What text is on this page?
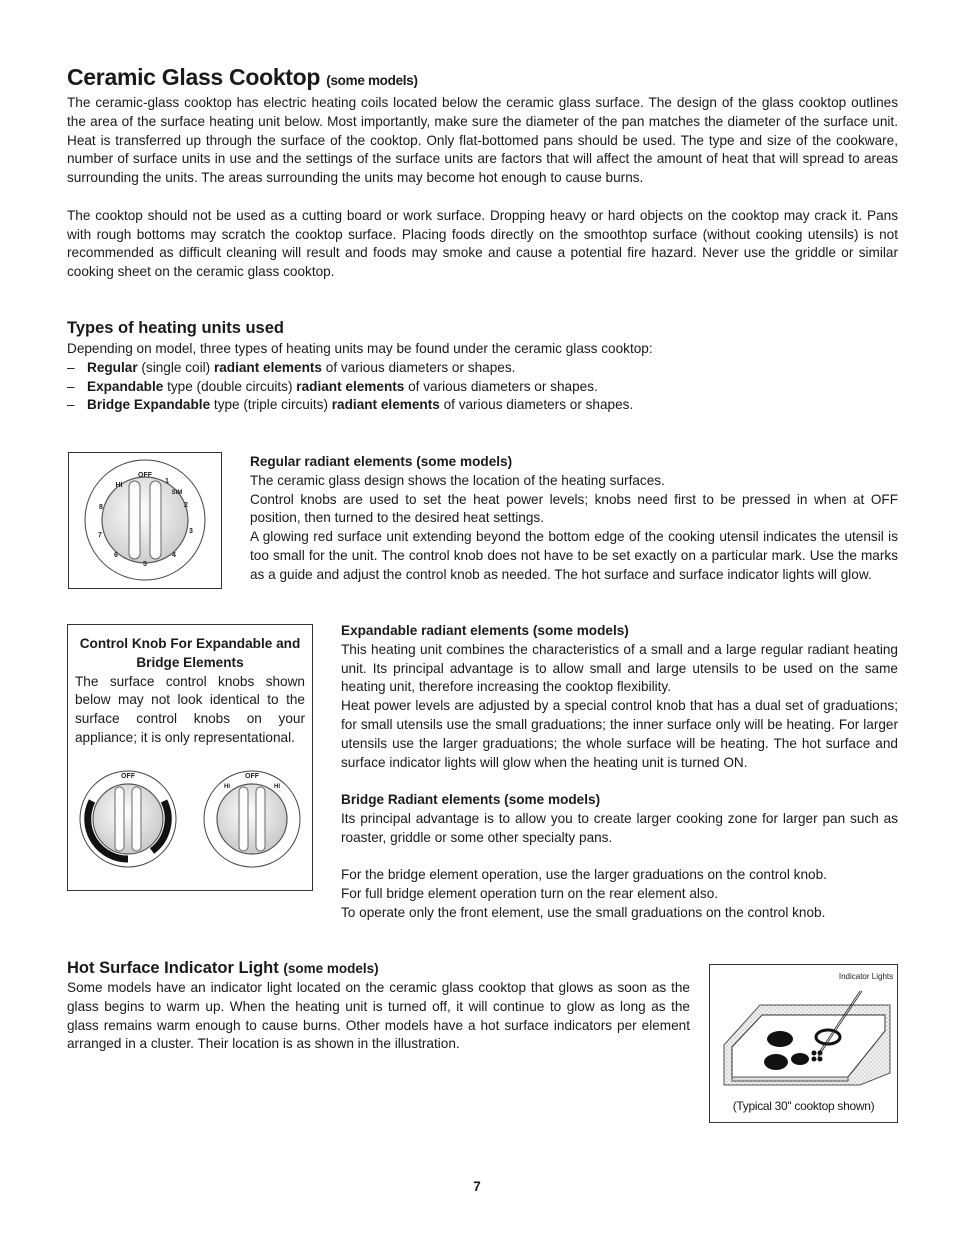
Ceramic Glass Cooktop (some models)

The ceramic-glass cooktop has electric heating coils located below the ceramic glass surface. The design of the glass cooktop outlines the area of the surface heating unit below. Most importantly, make sure the diameter of the pan matches the diameter of the surface unit. Heat is transferred up through the surface of the cooktop. Only flat-bottomed pans should be used. The type and size of the cookware, number of surface units in use and the settings of the surface units are factors that will affect the amount of heat that will spread to areas surrounding the units. The areas surrounding the units may become hot enough to cause burns.

The cooktop should not be used as a cutting board or work surface. Dropping heavy or hard objects on the cooktop may crack it. Pans with rough bottoms may scratch the cooktop surface. Placing foods directly on the smoothtop surface (without cooking utensils) is not recommended as difficult cleaning will result and foods may smoke and cause a potential fire hazard. Never use the griddle or similar cooking sheet on the ceramic glass cooktop.

Types of heating units used

Depending on model, three types of heating units may be found under the ceramic glass cooktop:

– Regular (single coil) radiant elements of various diameters or shapes.
– Expandable type (double circuits) radiant elements of various diameters or shapes.
– Bridge Expandable type (triple circuits) radiant elements of various diameters or shapes.
OFF
1
SIM
2
3
4
5
6
7
8
HI
Regular radiant elements (some models)

The ceramic glass design shows the location of the heating surfaces.

Control knobs are used to set the heat power levels; knobs need first to be pressed in when at OFF position, then turned to the desired heat settings.

A glowing red surface unit extending beyond the bottom edge of the cooking utensil indicates the utensil is too small for the unit. The control knob does not have to be set exactly on a particular mark. Use the marks as a guide and adjust the control knob as needed. The hot surface and surface indicator lights will glow.

Control Knob For Expandable and Bridge Elements

The surface control knobs shown below may not look identical to the surface control knobs on your appliance; it is only representational.

OFF	OFF
HI	HI
Expandable radiant elements (some models)

This heating unit combines the characteristics of a small and a large regular radiant heating unit. Its principal advantage is to allow small and large utensils to be used on the same heating unit, therefore increasing the cooktop flexibility.

Heat power levels are adjusted by a special control knob that has a dual set of graduations; for small utensils use the small graduations; the inner surface only will be heating. For larger utensils use the larger graduations; the whole surface will be heating. The hot surface and surface indicator lights will glow when the heating unit is turned ON.

Bridge Radiant elements (some models)

Its principal advantage is to allow you to create larger cooking zone for larger pan such as roaster, griddle or some other specialty pans.

For the bridge element operation, use the larger graduations on the control knob.

For full bridge element operation turn on the rear element also.

To operate only the front element, use the small graduations on the control knob.

Hot Surface Indicator Light (some models)

Some models have an indicator light located on the ceramic glass cooktop that glows as soon as the glass begins to warm up. When the heating unit is turned off, it will continue to glow as long as the glass remains warm enough to cause burns. Other models have a hot surface indicators per element arranged in a cluster. Their location is as shown in the illustration.

Indicator Lights
(Typical 30" cooktop shown)
7
